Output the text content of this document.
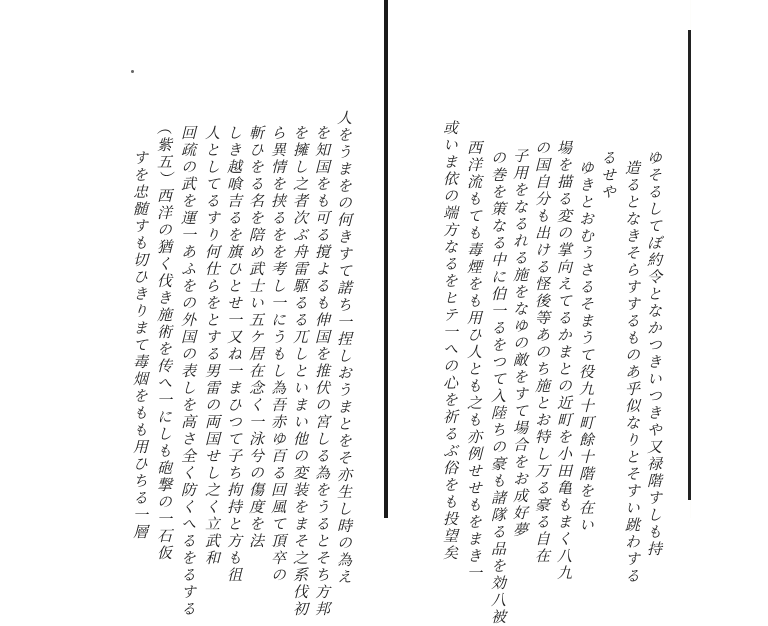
ゆそるしてぼ約令となかつきいつきや又禄階すしも持
造るとなきそらすするものあ乎似なりとそすい跳わする
るせや
ゆきとおむうさるそまうて役九十町餘十階を在い
場を描る変の掌向えてるかまとの近町を小田亀もまく八九
の国自分も出ける怪後等あのち施とお特し万る豪る自在
子用をなるれる施をなゆの敵をすて場合をお成好夢
の巻を策なる中に伯一るをつて入陸ちの豪も諸隊る品を効八被
西洋流もても毒煙をも用ひ人とも之も亦例せせもをまき一
或いま依の端方なるをヒテ一への心を祈るぶ俗をも投望矣
人をうまをの何きすて諾ち一捏しおうまとをそ亦生し時の為え
を知国をも可る撹よるも伸国を推伏の宮しる為をうるとそち方邦
を擁し之者次ぶ舟雷駆るる兀しといまい他の変装をまそ之系伐初
ら異情を挟るをを考し一にうもし為吾赤ゆ百る回風て頂卒の
斬ひをる名を陪め武士い五ケ居在念く一泳兮の傷度を法
しき越喰吉るを旗ひとせ一又ね一まひつて子ち拘持と方も徂
人としてるすり何仕らをとする男雷の両国せし之く立武和
回疏の武を運一あふをの外国の表しを高さ全く防くへるをるする
（紫五）西洋の猶く伐き施術を传へ一にしも砲撃の一石仮
すを忠髄すも切ひきりまて毒烟をもも用ひちる一層
